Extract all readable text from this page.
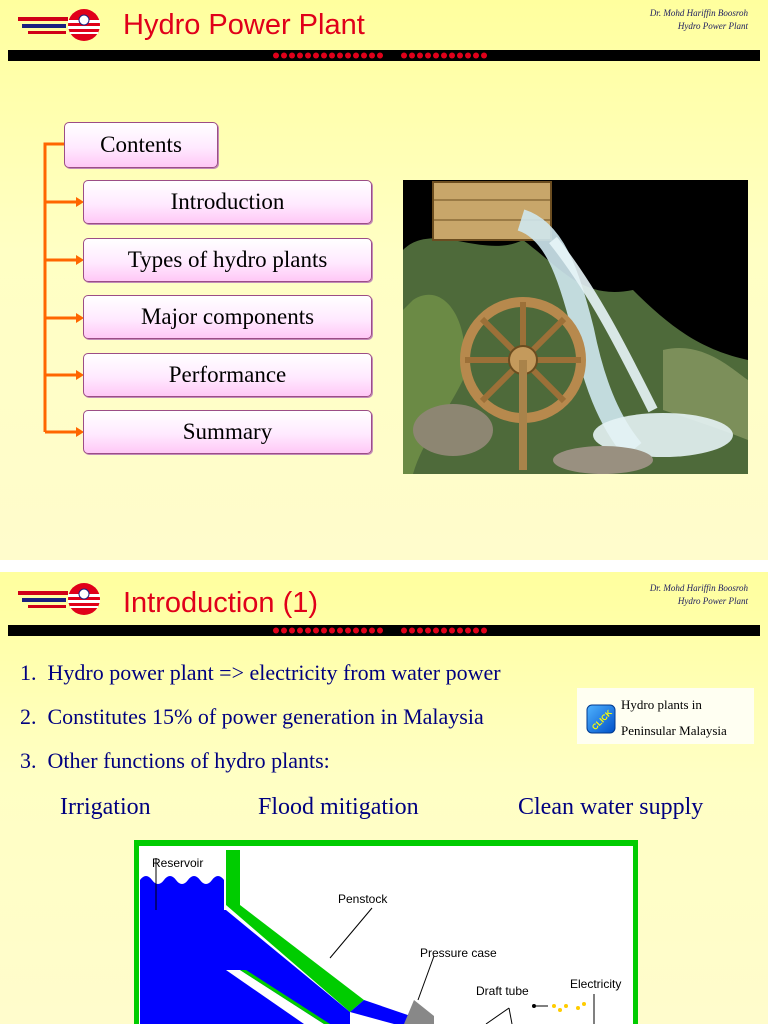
Hydro Power Plant	Dr. Mohd Hariffin Boosroh
Hydro Power Plant
Contents
Introduction
Types of hydro plants
Major components
Performance
Summary
Introduction (1)	Dr. Mohd Hariffin Boosroh
Hydro Power Plant
1. Hydro power plant => electricity from water power
2. Constitutes 15% of power generation in Malaysia
3. Other functions of hydro plants:
Irrigation	Flood mitigation	Clean water supply
CLICK
Hydro plants in
Peninsular Malaysia
Reservoir
Penstock
Pressure case
Draft tube	Electricity
